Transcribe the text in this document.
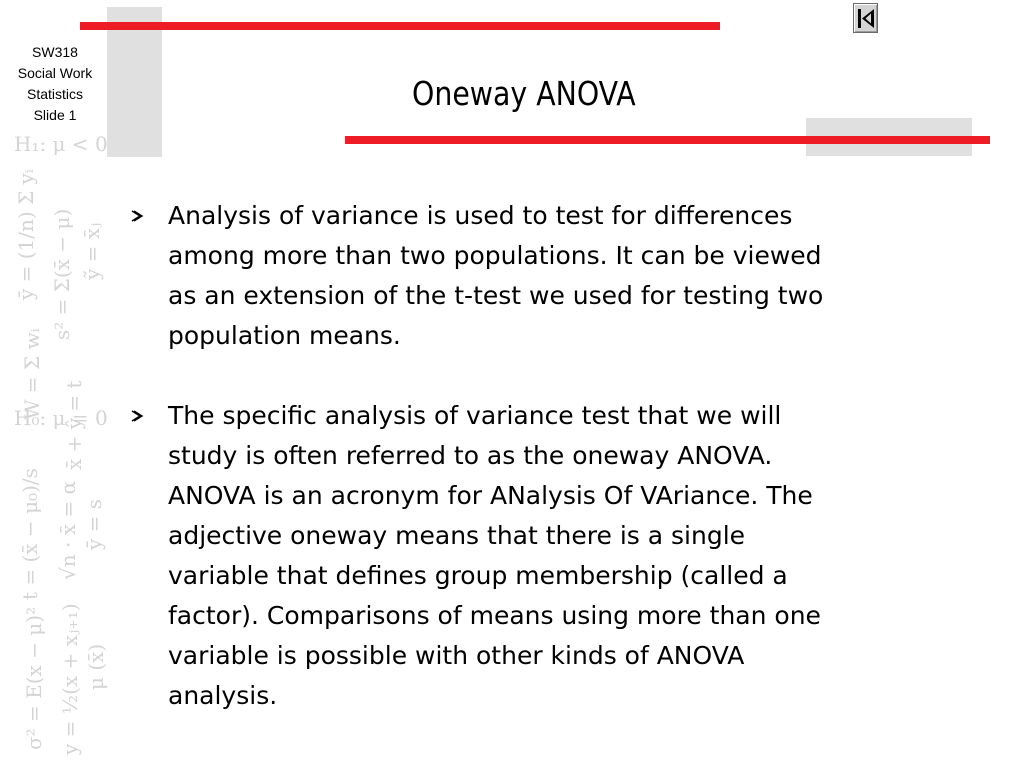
SW318
Social Work
Statistics
Slide 1
Oneway ANOVA
H₁: μ < 0
ȳ = (1/n) Σ yᵢ s² = Σ(x̄ − μ) ỹ = x̄ⱼ
W = Σ wᵢ
x̄ + ŷ = t
H₀: μ = 0
t = (x̄ − μ₀)/s √n · x̄ = α ȳ = s
σ² = E(x − μ)² y = ½(x + xⱼ₊₁) μ (x̄)
Analysis of variance is used to test for differences
among more than two populations. It can be viewed
as an extension of the t-test we used for testing two
population means.
The specific analysis of variance test that we will
study is often referred to as the oneway ANOVA.
ANOVA is an acronym for ANalysis Of VAriance. The
adjective oneway means that there is a single
variable that defines group membership (called a
factor). Comparisons of means using more than one
variable is possible with other kinds of ANOVA
analysis.
